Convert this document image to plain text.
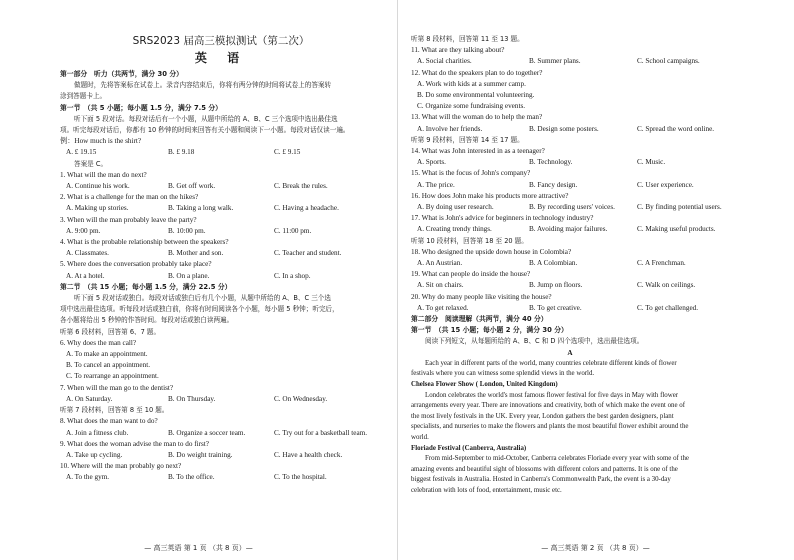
SRS2023 届高三模拟测试（第二次）
英 语
第一部分　听力（共两节，满分 30 分）
做题时，先将答案标在试卷上。录音内容结束后，你将有两分钟的时间将试卷上的答案转
涂到答题卡上。
第一节　（共 5 小题；每小题 1.5 分，满分 7.5 分）
听下面 5 段对话。每段对话后有一个小题，从题中所给的 A、B、C 三个选项中选出最佳选
项。听完每段对话后，你都有 10 秒钟的时间来回答有关小题和阅读下一小题。每段对话仅读一遍。
例：How much is the shirt?
A. £ 19.15	B. £ 9.18	C. £ 9.15
答案是 C。
1. What will the man do next?
A. Continue his work.	B. Get off work.	C. Break the rules.
2. What is a challenge for the man on the hikes?
A. Making up stories.	B. Taking a long walk.	C. Having a headache.
3. When will the man probably leave the party?
A. 9:00 pm.	B. 10:00 pm.	C. 11:00 pm.
4. What is the probable relationship between the speakers?
A. Classmates.	B. Mother and son.	C. Teacher and student.
5. Where does the conversation probably take place?
A. At a hotel.	B. On a plane.	C. In a shop.
第二节　（共 15 小题；每小题 1.5 分，满分 22.5 分）
听下面 5 段对话或独白。每段对话或独白后有几个小题，从题中所给的 A、B、C 三个选
项中选出最佳选项。听每段对话或独白前，你将有时间阅读各个小题，每小题 5 秒钟；听完后，
各小题将给出 5 秒钟的作答时间。每段对话或独白读两遍。
听第 6 段材料，回答第 6、7 题。
6. Why does the man call?
A. To make an appointment.
B. To cancel an appointment.
C. To rearrange an appointment.
7. When will the man go to the dentist?
A. On Saturday.	B. On Thursday.	C. On Wednesday.
听第 7 段材料，回答第 8 至 10 题。
8. What does the man want to do?
A. Join a fitness club.	B. Organize a soccer team.	C. Try out for a basketball team.
9. What does the woman advise the man to do first?
A. Take up cycling.	B. Do weight training.	C. Have a health check.
10. Where will the man probably go next?
A. To the gym.	B. To the office.	C. To the hospital.
— 高三英语 第 1 页 （共 8 页）—
听第 8 段材料，回答第 11 至 13 题。
11. What are they talking about?
A. Social charities.	B. Summer plans.	C. School campaigns.
12. What do the speakers plan to do together?
A. Work with kids at a summer camp.
B. Do some environmental volunteering.
C. Organize some fundraising events.
13. What will the woman do to help the man?
A. Involve her friends.	B. Design some posters.	C. Spread the word online.
听第 9 段材料，回答第 14 至 17 题。
14. What was John interested in as a teenager?
A. Sports.	B. Technology.	C. Music.
15. What is the focus of John's company?
A. The price.	B. Fancy design.	C. User experience.
16. How does John make his products more attractive?
A. By doing user research.	B. By recording users' voices.	C. By finding potential users.
17. What is John's advice for beginners in technology industry?
A. Creating trendy things.	B. Avoiding major failures.	C. Making useful products.
听第 10 段材料，回答第 18 至 20 题。
18. Who designed the upside down house in Colombia?
A. An Austrian.	B. A Colombian.	C. A Frenchman.
19. What can people do inside the house?
A. Sit on chairs.	B. Jump on floors.	C. Walk on ceilings.
20. Why do many people like visiting the house?
A. To get relaxed.	B. To get creative.	C. To get challenged.
第二部分　阅读理解（共两节，满分 40 分）
第一节　（共 15 小题；每小题 2 分，满分 30 分）
阅读下列短文，从每题所给的 A、B、C 和 D 四个选项中，选出最佳选项。
A
Each year in different parts of the world, many countries celebrate different kinds of flower
festivals where you can witness some splendid views in the world.
Chelsea Flower Show ( London, United Kingdom)
London celebrates the world's most famous flower festival for five days in May with flower
arrangements every year. There are innovations and creativity, both of which make the event one of
the most lively festivals in the UK. Every year, London gathers the best garden designers, plant
specialists, and nurseries to make the flowers and plants the most beautiful flower exhibit around the
world.
Floriade Festival (Canberra, Australia)
From mid-September to mid-October, Canberra celebrates Floriade every year with some of the
amazing events and beautiful sight of blossoms with different colors and patterns. It is one of the
biggest festivals in Australia. Hosted in Canberra's Commonwealth Park, the event is a 30-day
celebration with lots of food, entertainment, music etc.
— 高三英语 第 2 页 （共 8 页）—
